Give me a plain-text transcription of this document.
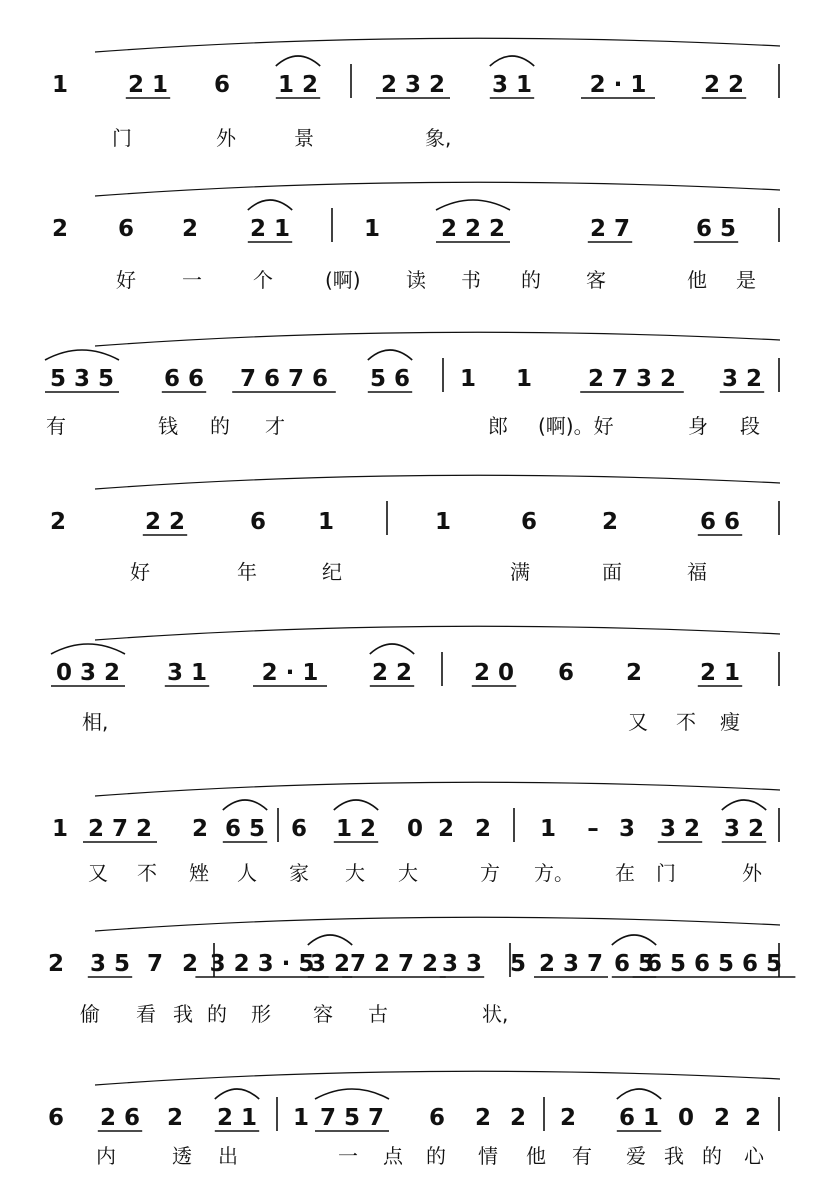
1	2 1 6 1 2	2 3 2 3 1	2 · 1	2 2
2 6 2 2 1	1	2 2 2	2 7	6 5
5 3 5 6 6 7 6 7 6 5 6 1 1 2 7 3 2 3 2
2	2 2	6 1	1	6	2	6 6
0 3 2 3 1 2 · 1 2 2	2 0 6 2	2 1
1 2 7 2 2 6 5 6 1 2 0 2 2 1 – 3 3 2 3 2
2 3 5 7 2 3 2 3 · 5
3 2 7 2 7 2 3 3 5 2 3 7 6 5
6 5 6 5 6 5
6 2 6 2 2 1 1 7 5 7 6 2 2 2 6 1 0 2 2
门	外	景	象,
好 一	个	(啊) 读 书 的 客	他 是
有	钱 的 才	郎 (啊)。好	身 段
好	年	纪	满	面	福
相,	又 不 瘦
又 不 矬 人 家 大 大	方 方。 在 门	外
偷 看 我 的 形 容 古	状,
内	透 出	一 点 的 情 他 有 爱 我 的 心
